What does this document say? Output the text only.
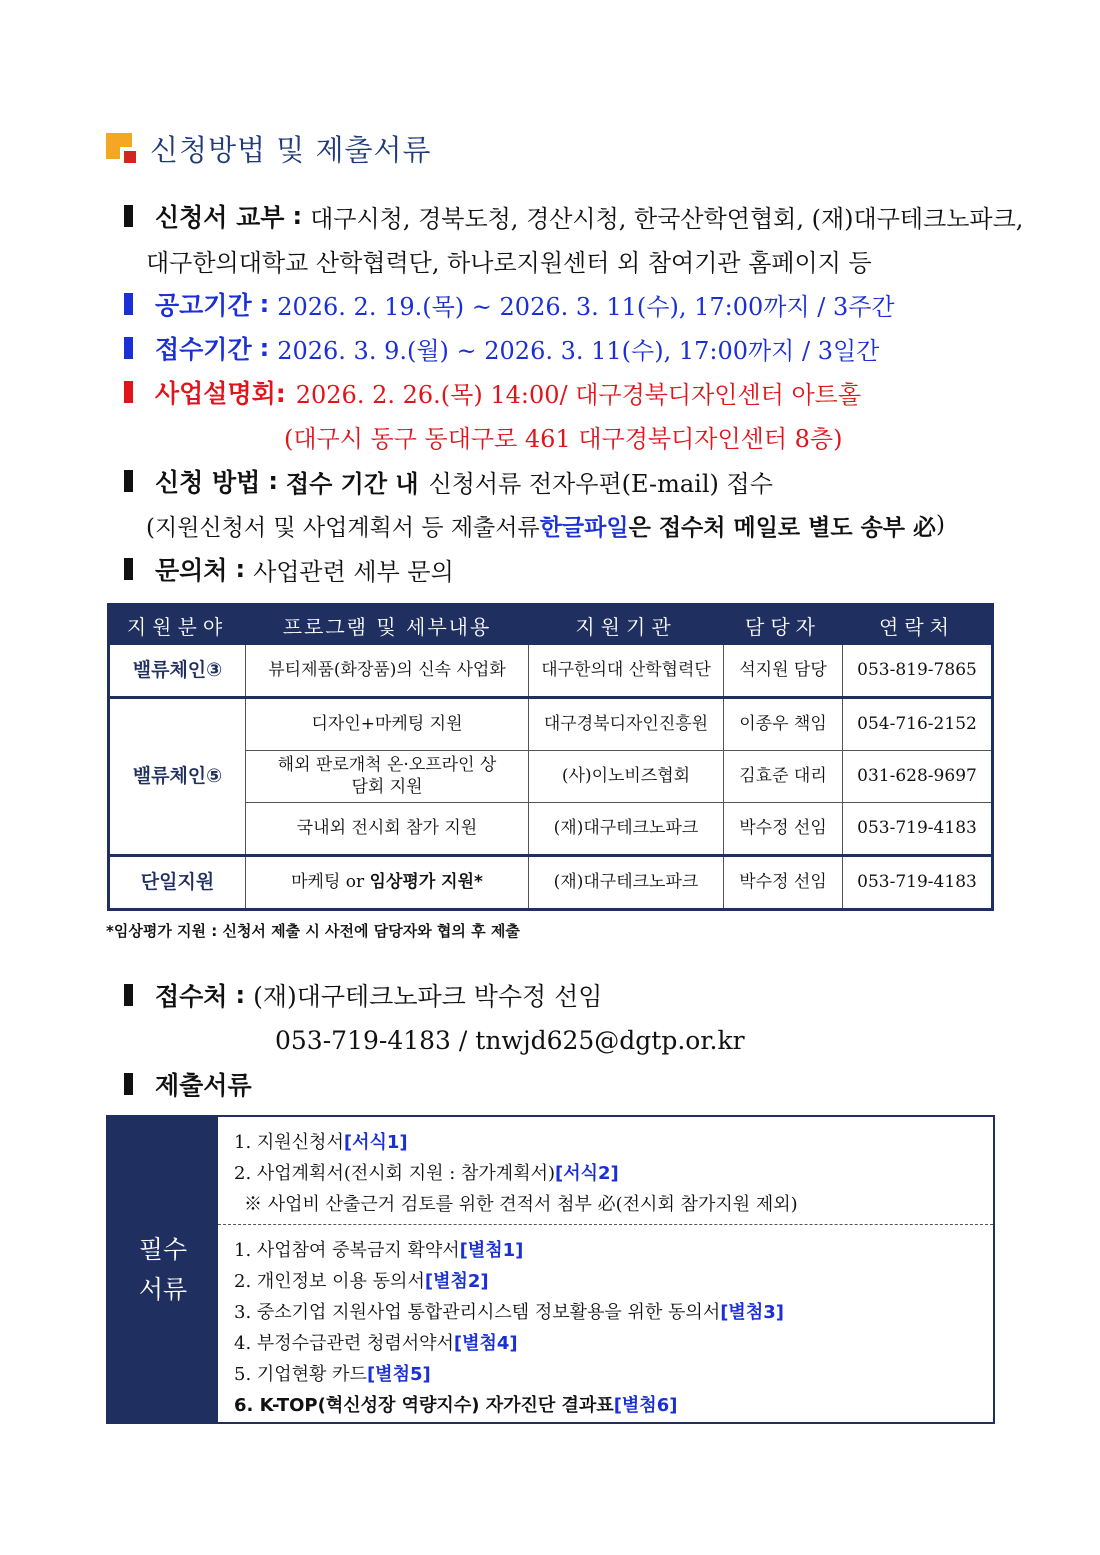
신청방법 및 제출서류
신청서 교부 : 대구시청, 경북도청, 경산시청, 한국산학연협회, (재)대구테크노파크,
대구한의대학교 산학협력단, 하나로지원센터 외 참여기관 홈페이지 등
공고기간 : 2026. 2. 19.(목) ~ 2026. 3. 11(수), 17:00까지 / 3주간
접수기간 : 2026. 3. 9.(월) ~ 2026. 3. 11(수), 17:00까지 / 3일간
사업설명회: 2026. 2. 26.(목) 14:00/ 대구경북디자인센터 아트홀
(대구시 동구 동대구로 461 대구경북디자인센터 8층)
신청 방법 : 접수 기간 내 신청서류 전자우편(E-mail) 접수
(지원신청서 및 사업계획서 등 제출서류 한글파일 은 접수처 메일로 별도 송부 必 )
문의처 : 사업관련 세부 문의
지원분야	프로그램 및 세부내용	지원기관	담당자	연락처
밸류체인③	뷰티제품(화장품)의 신속 사업화	대구한의대 산학협력단	석지원 담당	053-819-7865
밸류체인⑤	디자인+마케팅 지원	대구경북디자인진흥원	이종우 책임	054-716-2152
	해외 판로개척 온·오프라인 상담회 지원	(사)이노비즈협회	김효준 대리	031-628-9697
	국내외 전시회 참가 지원	(재)대구테크노파크	박수정 선임	053-719-4183
단일지원	마케팅 or 임상평가 지원*	(재)대구테크노파크	박수정 선임	053-719-4183
*임상평가 지원 : 신청서 제출 시 사전에 담당자와 협의 후 제출
접수처 : (재)대구테크노파크 박수정 선임
053-719-4183 / tnwjd625@dgtp.or.kr
제출서류
필수
서류
1. 지원신청서 [서식1]
2. 사업계획서(전시회 지원 : 참가계획서) [서식2]
※ 사업비 산출근거 검토를 위한 견적서 첨부 必(전시회 참가지원 제외)
1. 사업참여 중복금지 확약서 [별첨1]
2. 개인정보 이용 동의서 [별첨2]
3. 중소기업 지원사업 통합관리시스템 정보활용을 위한 동의서 [별첨3]
4. 부정수급관련 청렴서약서 [별첨4]
5. 기업현황 카드 [별첨5]
6. K-TOP(혁신성장 역량지수) 자가진단 결과표 [별첨6]
